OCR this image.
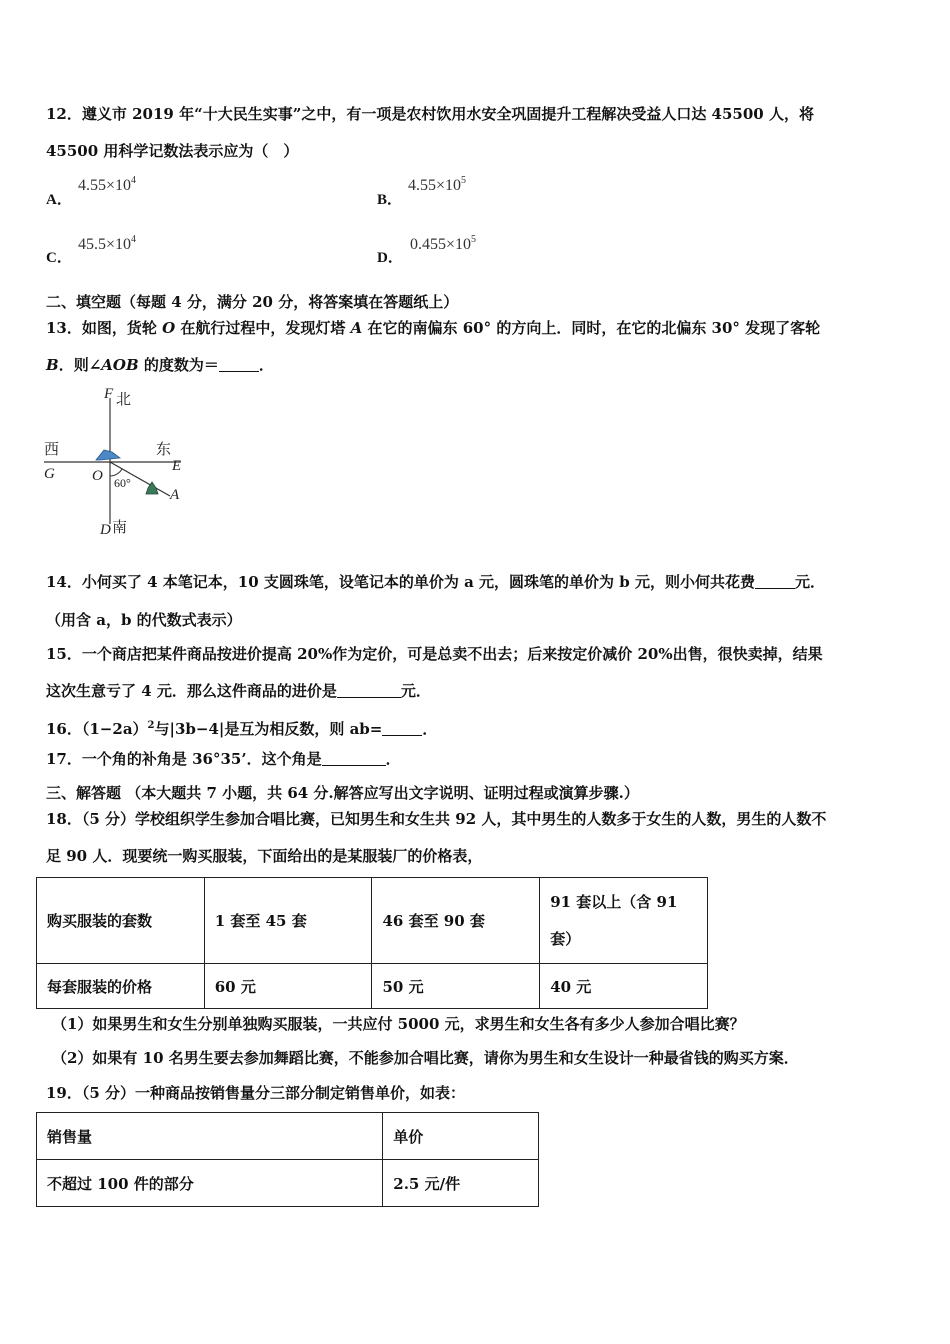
12．遵义市 2019 年“十大民生实事”之中，有一项是农村饮用水安全巩固提升工程解决受益人口达 45500 人，将
45500 用科学记数法表示应为（　）
A．
$4.55\times 10^4$
B．
$4.55\times 10^5$
C．
$45.5\times 10^4$
D．
$0.455\times 10^5$
二、填空题（每题 4 分，满分 20 分，将答案填在答题纸上）
13．如图，货轮 O 在航行过程中，发现灯塔 A 在它的南偏东 60° 的方向上．同时，在它的北偏东 30° 发现了客轮
B．则∠AOB 的度数为＝	．
F 北
西	东
G	E
O 60°
A
D 南
14．小何买了 4 本笔记本，10 支圆珠笔，设笔记本的单价为 a 元，圆珠笔的单价为 b 元，则小何共花费	元．
（用含 a，b 的代数式表示）
15．一个商店把某件商品按进价提高 20%作为定价，可是总卖不出去；后来按定价减价 20%出售，很快卖掉，结果
这次生意亏了 4 元．那么这件商品的进价是	元．
16．$(1-2a)^2$与|3b−4|是互为相反数，则 ab=	．
17．一个角的补角是 36°35’．这个角是	．
三、解答题 （本大题共 7 小题，共 64 分.解答应写出文字说明、证明过程或演算步骤.）
18．（5 分）学校组织学生参加合唱比赛，已知男生和女生共 92 人，其中男生的人数多于女生的人数，男生的人数不
足 90 人．现要统一购买服装，下面给出的是某服装厂的价格表，
购买服装的套数	1 套至 45 套	46 套至 90 套	91 套以上（含 91
套）

每套服装的价格	60 元	50 元	40 元
（1）如果男生和女生分别单独购买服装，一共应付 5000 元，求男生和女生各有多少人参加合唱比赛？
（2）如果有 10 名男生要去参加舞蹈比赛，不能参加合唱比赛，请你为男生和女生设计一种最省钱的购买方案．
19．（5 分）一种商品按销售量分三部分制定销售单价，如表：
销售量	单价
不超过 100 件的部分	2.5 元/件
